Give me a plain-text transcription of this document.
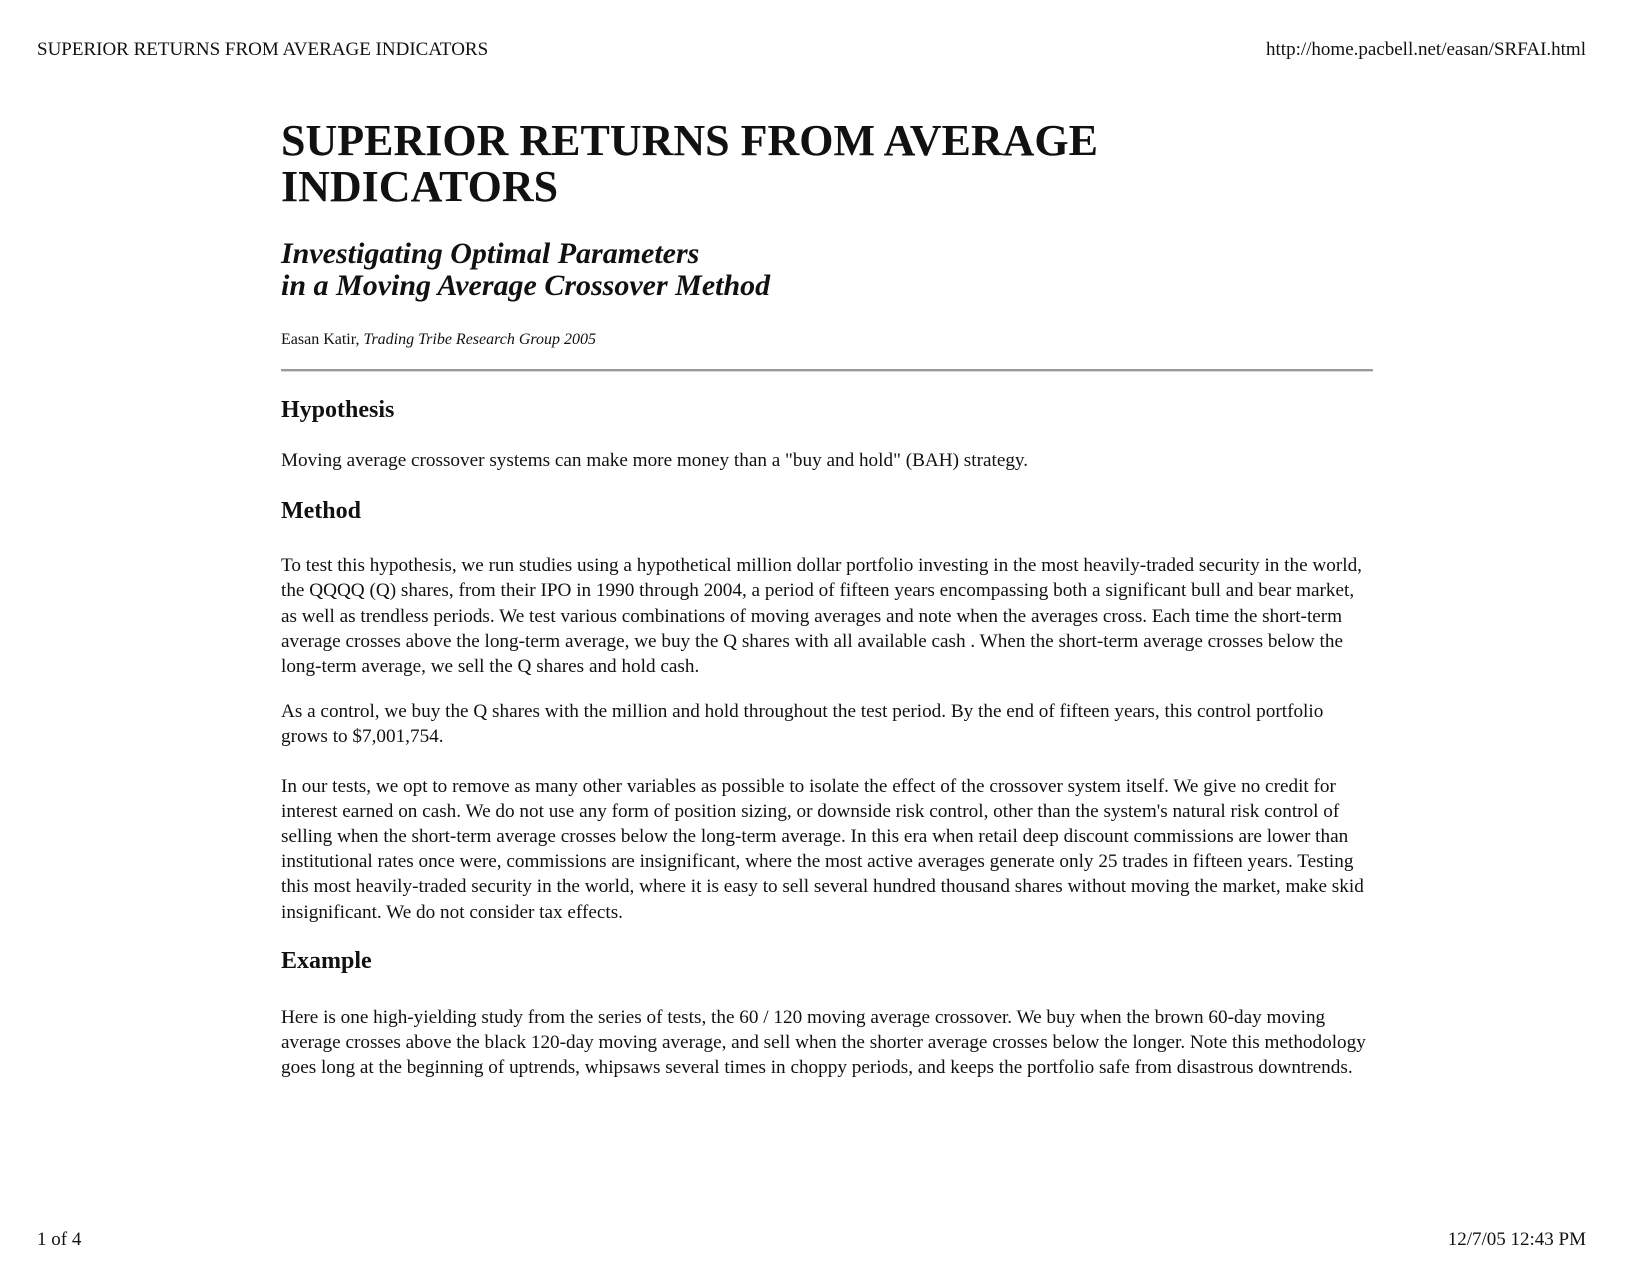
SUPERIOR RETURNS FROM AVERAGE INDICATORS	http://home.pacbell.net/easan/SRFAI.html
SUPERIOR RETURNS FROM AVERAGE INDICATORS
Investigating Optimal Parameters
in a Moving Average Crossover Method

Easan Katir, Trading Tribe Research Group 2005

Hypothesis

Moving average crossover systems can make more money than a "buy and hold" (BAH) strategy.

Method

To test this hypothesis, we run studies using a hypothetical million dollar portfolio investing in the most heavily-traded security in the world, the QQQQ (Q) shares, from their IPO in 1990 through 2004, a period of fifteen years encompassing both a significant bull and bear market, as well as trendless periods. We test various combinations of moving averages and note when the averages cross. Each time the short-term average crosses above the long-term average, we buy the Q shares with all available cash . When the short-term average crosses below the long-term average, we sell the Q shares and hold cash.

As a control, we buy the Q shares with the million and hold throughout the test period. By the end of fifteen years, this control portfolio grows to $7,001,754.

In our tests, we opt to remove as many other variables as possible to isolate the effect of the crossover system itself. We give no credit for interest earned on cash. We do not use any form of position sizing, or downside risk control, other than the system's natural risk control of selling when the short-term average crosses below the long-term average. In this era when retail deep discount commissions are lower than institutional rates once were, commissions are insignificant, where the most active averages generate only 25 trades in fifteen years. Testing this most heavily-traded security in the world, where it is easy to sell several hundred thousand shares without moving the market, make skid insignificant. We do not consider tax effects.

Example

Here is one high-yielding study from the series of tests, the 60 / 120 moving average crossover. We buy when the brown 60-day moving average crosses above the black 120-day moving average, and sell when the shorter average crosses below the longer. Note this methodology goes long at the beginning of uptrends, whipsaws several times in choppy periods, and keeps the portfolio safe from disastrous downtrends.

1 of 4	12/7/05 12:43 PM
